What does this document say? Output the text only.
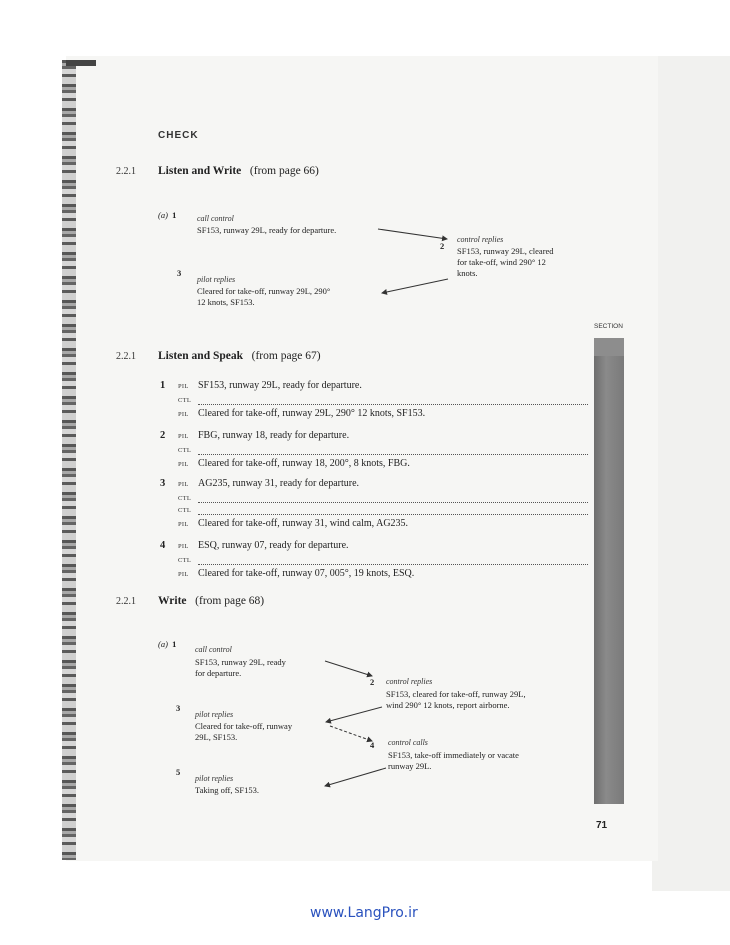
CHECK
2.2.1 Listen and Write (from page 66)
(a) 1	call control
SF153, runway 29L, ready for departure.
2
control replies
SF153, runway 29L, cleared
for take-off, wind 290° 12
knots.
3
pilot replies
Cleared for take-off, runway 29L, 290°
12 knots, SF153.
SECTION
2.2.1 Listen and Speak (from page 67)
1 PIL SF153, runway 29L, ready for departure.
CTL
PIL Cleared for take-off, runway 29L, 290° 12 knots, SF153.
2 PIL FBG, runway 18, ready for departure.
CTL
PIL Cleared for take-off, runway 18, 200°, 8 knots, FBG.
3 PIL AG235, runway 31, ready for departure.
CTL
CTL
PIL Cleared for take-off, runway 31, wind calm, AG235.
4 PIL ESQ, runway 07, ready for departure.
CTL
PIL Cleared for take-off, runway 07, 005°, 19 knots, ESQ.
2.2.1 Write (from page 68)
(a) 1
call control
SF153, runway 29L, ready
for departure.
2 control replies
SF153, cleared for take-off, runway 29L,
wind 290° 12 knots, report airborne.
3
pilot replies
Cleared for take-off, runway
29L, SF153.
4 control calls
SF153, take-off immediately or vacate
runway 29L.
5
pilot replies
Taking off, SF153.
71
www.LangPro.ir
